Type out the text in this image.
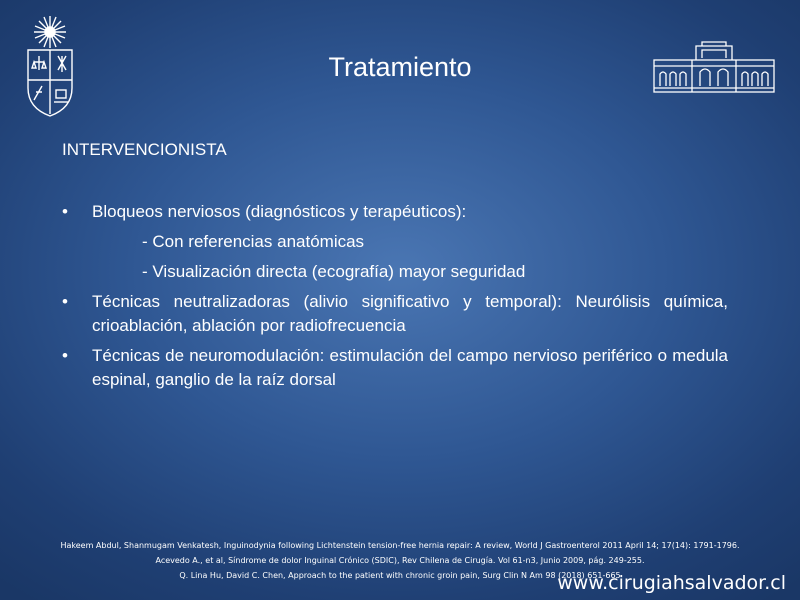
Tratamiento
INTERVENCIONISTA
• Bloqueos nerviosos (diagnósticos y terapéuticos):
- Con referencias anatómicas
- Visualización directa (ecografía) mayor seguridad
• Técnicas neutralizadoras (alivio significativo y temporal): Neurólisis química, crioablación, ablación por radiofrecuencia
• Técnicas de neuromodulación: estimulación del campo nervioso periférico o medula espinal, ganglio de la raíz dorsal
Hakeem Abdul, Shanmugam Venkatesh, Inguinodynia following Lichtenstein tension-free hernia repair: A review, World J Gastroenterol 2011 April 14; 17(14): 1791-1796.
Acevedo A., et al, Síndrome de dolor Inguinal Crónico (SDIC), Rev Chilena de Cirugía. Vol 61-n3, Junio 2009, pág. 249-255.
Q. Lina Hu, David C. Chen, Approach to the patient with chronic groin pain, Surg Clin N Am 98 (2018) 651-665
www.cirugiahsalvador.cl
